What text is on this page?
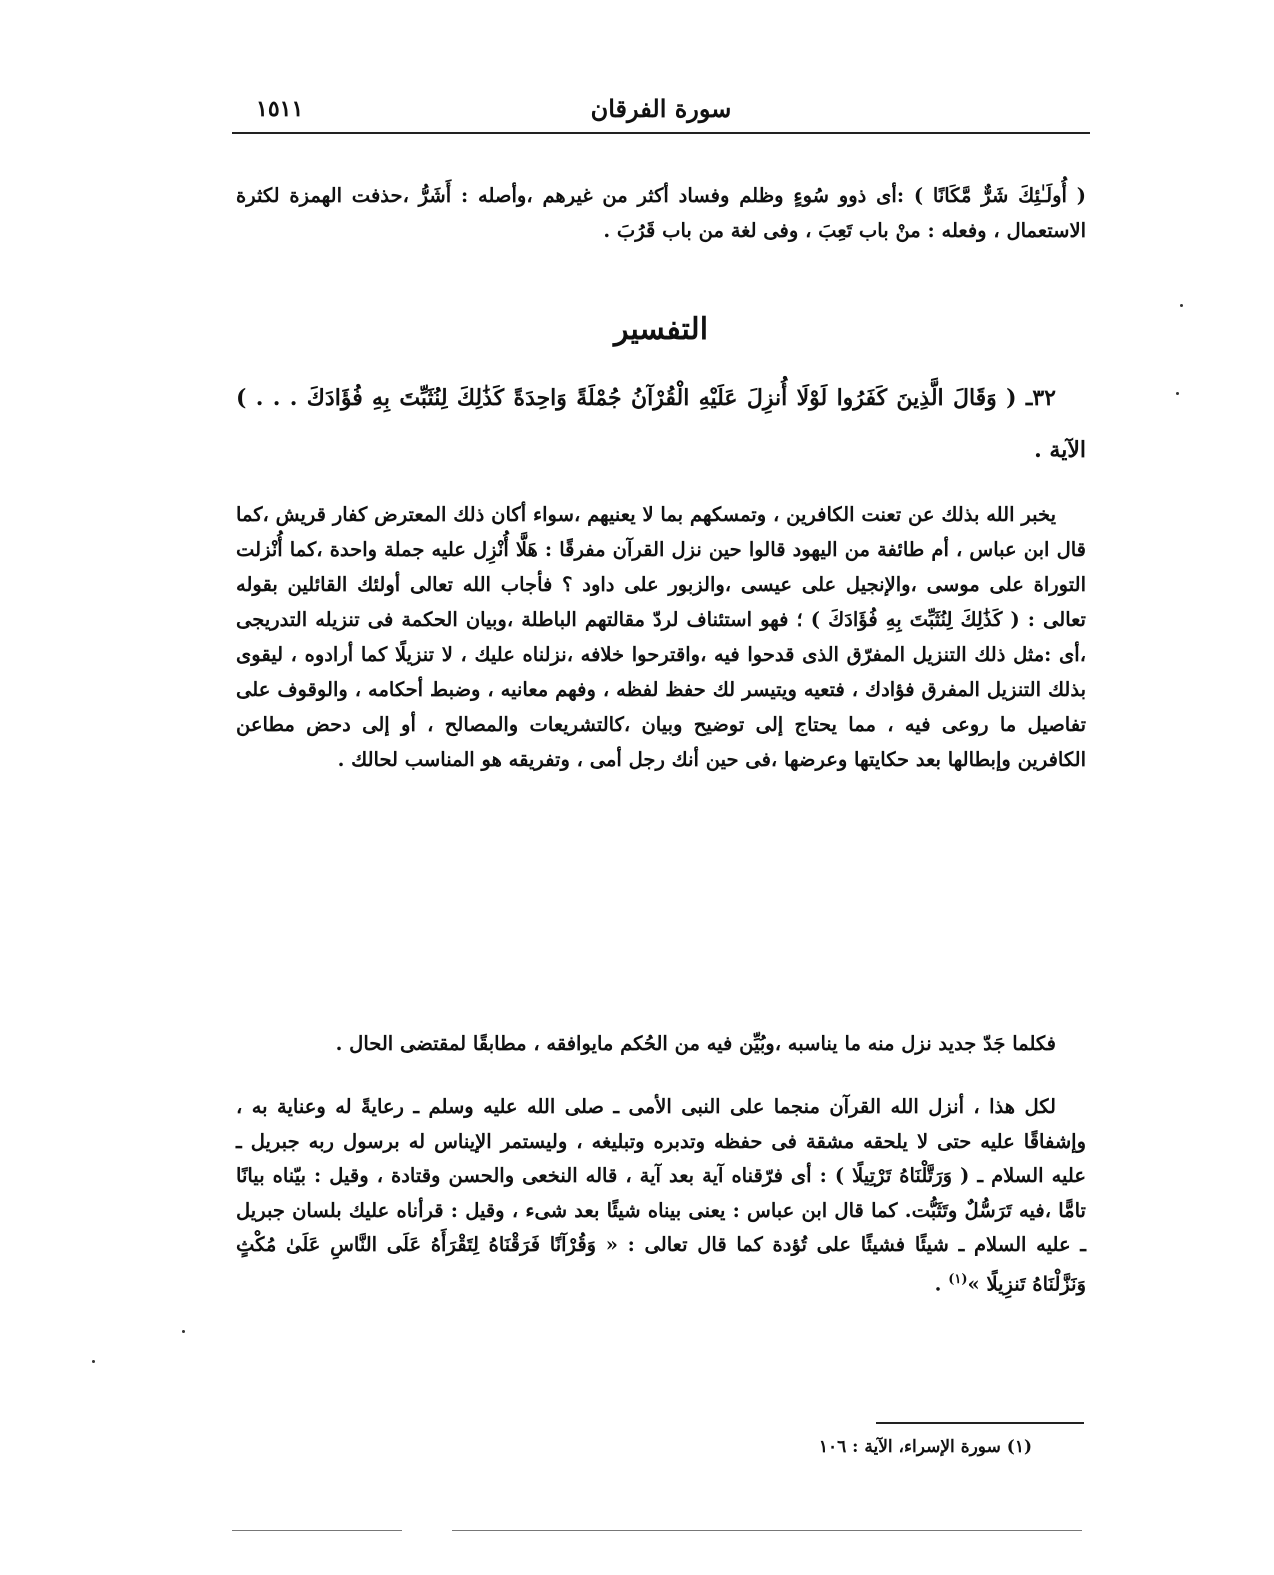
سورة الفرقان
١٥١١

( أُولَـٰئِكَ شَرٌّ مَّكَانًا ) :أى ذوو سُوءٍ وظلم وفساد أكثر من غيرهم ،وأصله : أَشَرُّ ،حذفت الهمزة لكثرة الاستعمال ، وفعله : منْ باب تَعِبَ ، وفى لغة من باب قَرُبَ .

التفسير

٣٢ـ ( وَقَالَ الَّذِينَ كَفَرُوا لَوْلَا أُنزِلَ عَلَيْهِ الْقُرْآنُ جُمْلَةً وَاحِدَةً كَذَٰلِكَ لِنُثَبِّتَ بِهِ فُؤَادَكَ . . . ) الآية .

يخبر الله بذلك عن تعنت الكافرين ، وتمسكهم بما لا يعنيهم ،سواء أكان ذلك المعترض كفار قريش ،كما قال ابن عباس ، أم طائفة من اليهود قالوا حين نزل القرآن مفرقًا : هَلَّا أُنْزِل عليه جملة واحدة ،كما أُنْزلت التوراة على موسى ،والإنجيل على عيسى ،والزبور على داود ؟ فأجاب الله تعالى أولئك القائلين بقوله تعالى : ( كَذَٰلِكَ لِنُثَبِّتَ بِهِ فُؤَادَكَ ) ؛ فهو استئناف لردّ مقالتهم الباطلة ،وبيان الحكمة فى تنزيله التدريجى ،أى :مثل ذلك التنزيل المفرّق الذى قدحوا فيه ،واقترحوا خلافه ،نزلناه عليك ، لا تنزيلًا كما أرادوه ، ليقوى بذلك التنزيل المفرق فؤادك ، فتعيه ويتيسر لك حفظ لفظه ، وفهم معانيه ، وضبط أحكامه ، والوقوف على تفاصيل ما روعى فيه ، مما يحتاج إلى توضيح وبيان ،كالتشريعات والمصالح ، أو إلى دحض مطاعن الكافرين وإبطالها بعد حكايتها وعرضها ،فى حين أنك رجل أمى ، وتفريقه هو المناسب لحالك .

فكلما جَدّ جديد نزل منه ما يناسبه ،وبُيِّن فيه من الحُكم مايوافقه ، مطابقًا لمقتضى الحال .

لكل هذا ، أنزل الله القرآن منجما على النبى الأمى ـ صلى الله عليه وسلم ـ رعايةً له وعناية به ، وإشفاقًا عليه حتى لا يلحقه مشقة فى حفظه وتدبره وتبليغه ، وليستمر الإيناس له برسول ربه جبريل ـ عليه السلام ـ ( وَرَتَّلْنَاهُ تَرْتِيلًا ) : أى فرّقناه آية بعد آية ، قاله النخعى والحسن وقتادة ، وقيل : بيّناه بيانًا تامًّا ،فيه تَرَسُّلٌ وتَثَبُّت. كما قال ابن عباس : يعنى بيناه شيئًا بعد شىء ، وقيل : قرأناه عليك بلسان جبريل ـ عليه السلام ـ شيئًا فشيئًا على تُؤدة كما قال تعالى : « وَقُرْآنًا فَرَقْنَاهُ لِتَقْرَأَهُ عَلَى النَّاسِ عَلَىٰ مُكْثٍ وَنَزَّلْنَاهُ تَنزِيلًا »$^{(١)}$ .

(١) سورة الإسراء، الآية : ١٠٦
